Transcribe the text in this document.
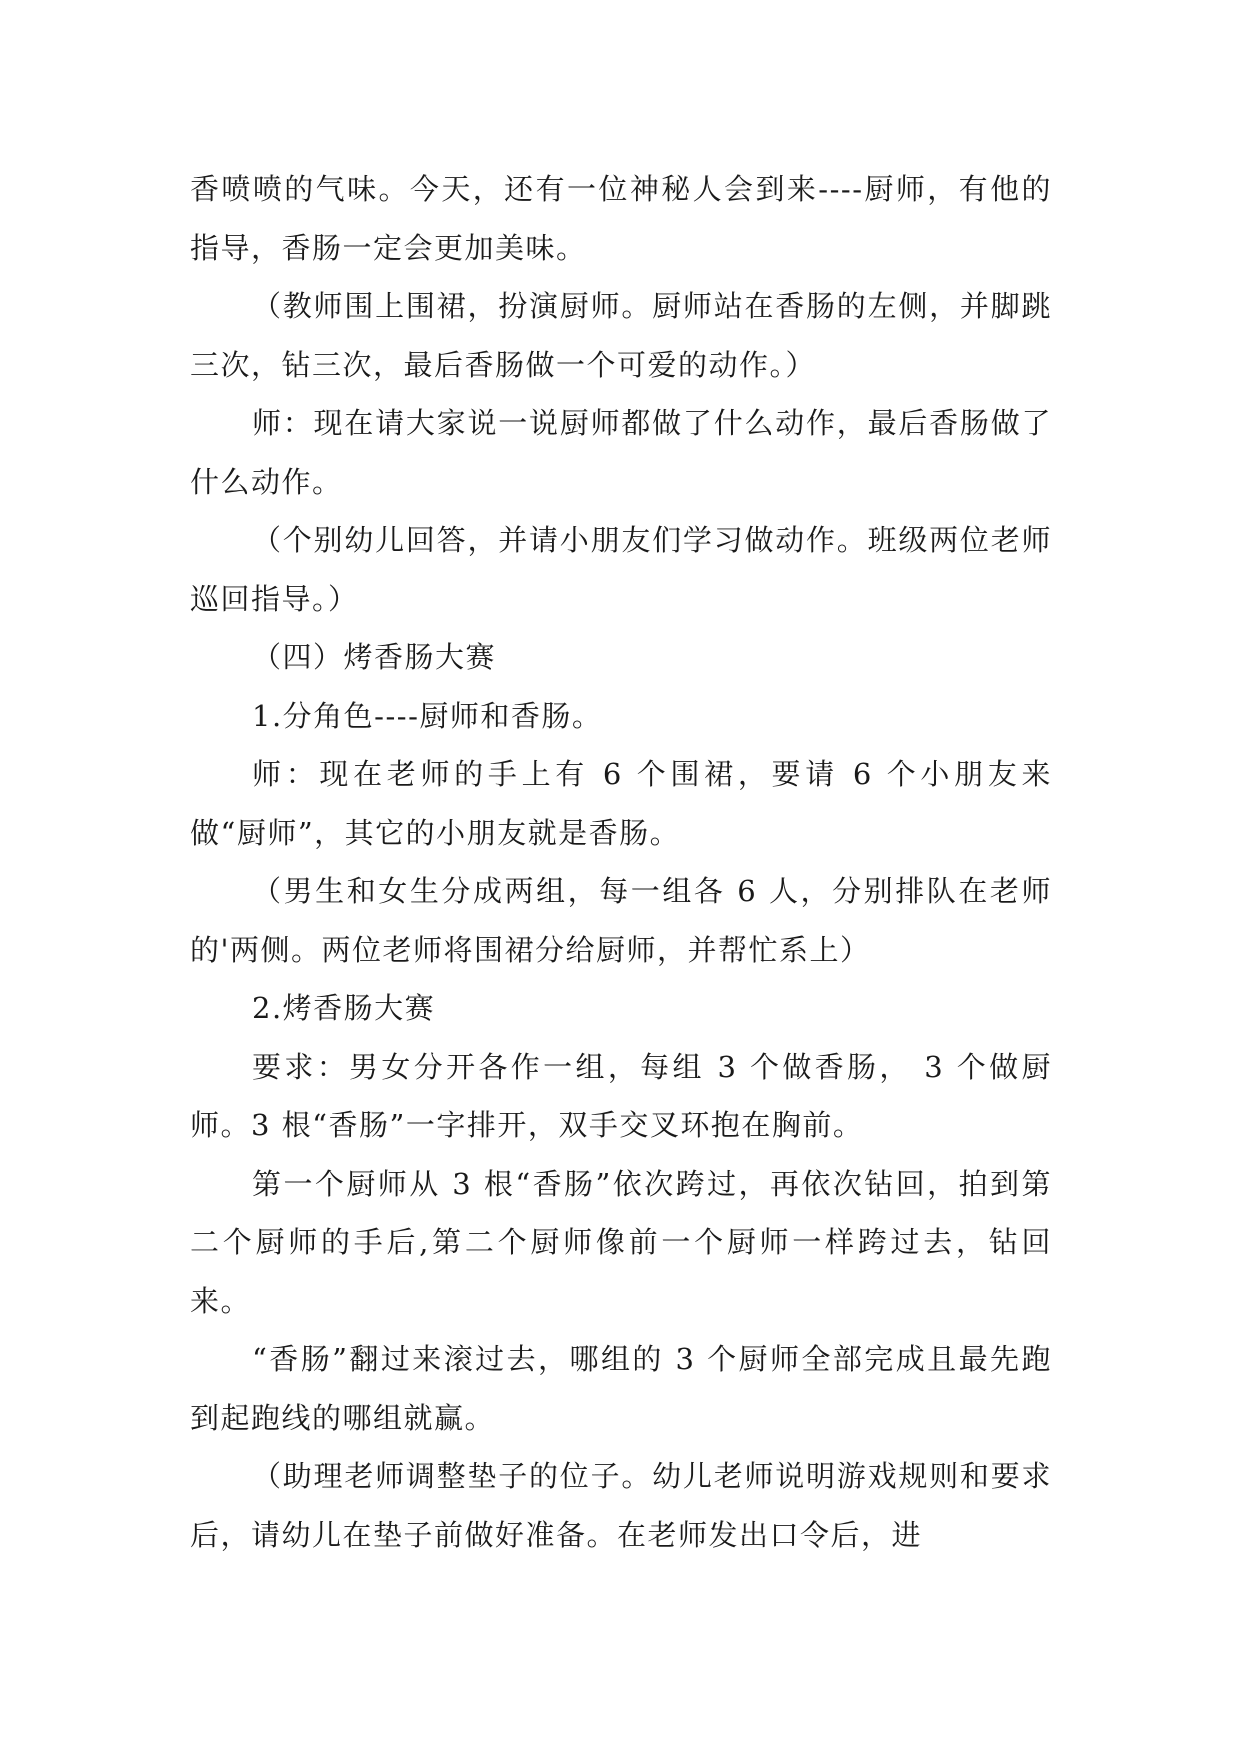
香喷喷的气味。今天，还有一位神秘人会到来----厨师，有他的指导，香肠一定会更加美味。

（教师围上围裙，扮演厨师。厨师站在香肠的左侧，并脚跳三次，钻三次，最后香肠做一个可爱的动作。）

师：现在请大家说一说厨师都做了什么动作，最后香肠做了什么动作。

（个别幼儿回答，并请小朋友们学习做动作。班级两位老师巡回指导。）

（四）烤香肠大赛

1.分角色----厨师和香肠。

师：现在老师的手上有 6 个围裙，要请 6 个小朋友来做“厨师”，其它的小朋友就是香肠。

（男生和女生分成两组，每一组各 6 人，分别排队在老师的'两侧。两位老师将围裙分给厨师，并帮忙系上）

2.烤香肠大赛

要求：男女分开各作一组，每组 3 个做香肠， 3 个做厨师。3 根“香肠”一字排开，双手交叉环抱在胸前。

第一个厨师从 3 根“香肠”依次跨过，再依次钻回，拍到第二个厨师的手后,第二个厨师像前一个厨师一样跨过去，钻回来。

“香肠”翻过来滚过去，哪组的 3 个厨师全部完成且最先跑到起跑线的哪组就赢。

（助理老师调整垫子的位子。幼儿老师说明游戏规则和要求后，请幼儿在垫子前做好准备。在老师发出口令后，进
